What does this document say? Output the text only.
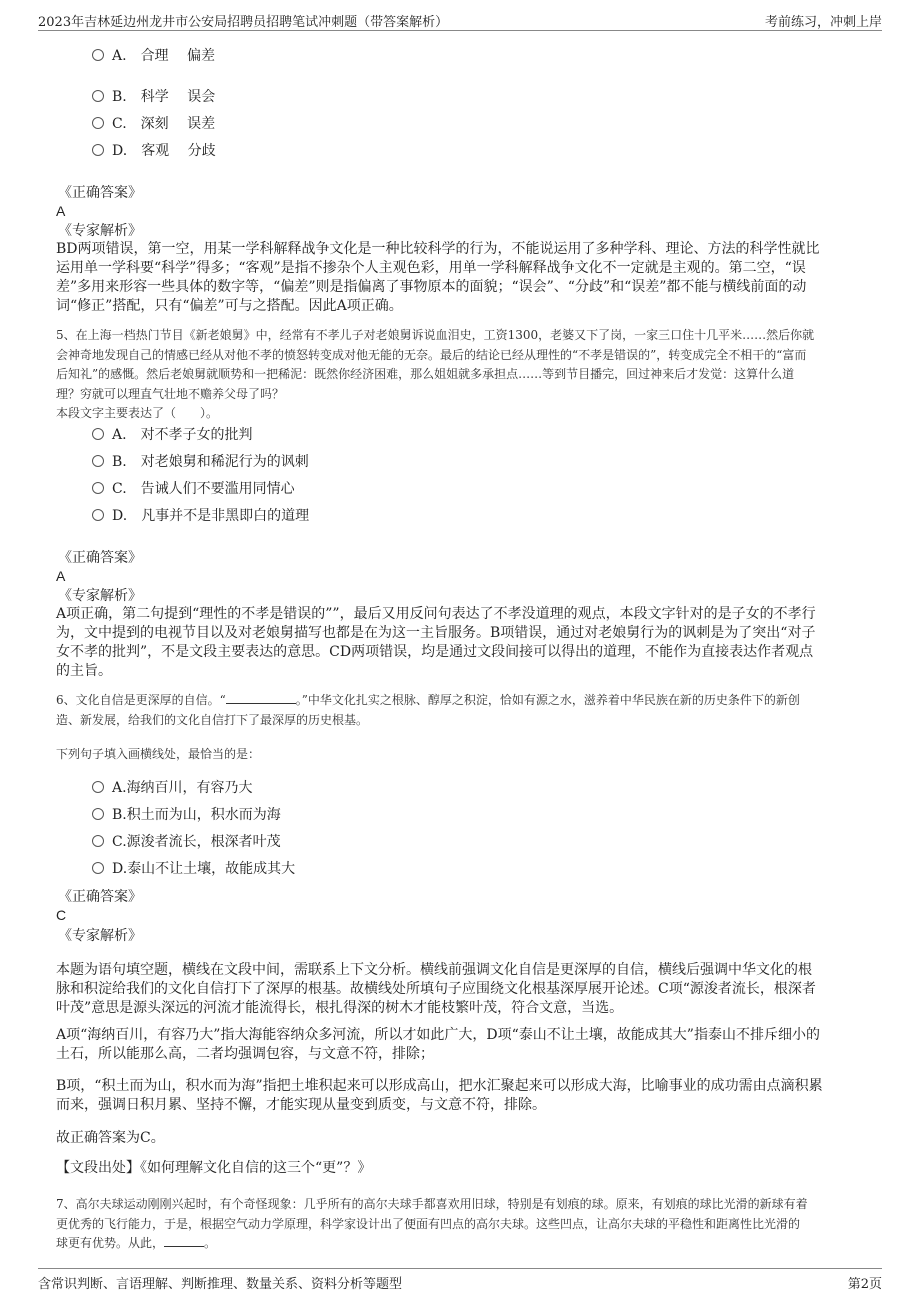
2023年吉林延边州龙井市公安局招聘员招聘笔试冲刺题（带答案解析）	考前练习，冲刺上岸
A.　 合理　 偏差
B.　 科学　 误会
C.　 深刻　 误差
D.　 客观　 分歧
《正确答案》
A
《专家解析》
BD两项错误，第一空，用某一学科解释战争文化是一种比较科学的行为，不能说运用了多种学科、理论、方法的科学性就比
运用单一学科要“科学”得多；“客观”是指不掺杂个人主观色彩，用单一学科解释战争文化不一定就是主观的。第二空，“误
差”多用来形容一些具体的数字等，“偏差”则是指偏离了事物原本的面貌；“误会”、“分歧”和“误差”都不能与横线前面的动
词“修正”搭配，只有“偏差”可与之搭配。因此A项正确。
5、在上海一档热门节目《新老娘舅》中，经常有不孝儿子对老娘舅诉说血泪史，工资1300，老婆又下了岗，一家三口住十几平米……然后你就
会神奇地发现自己的情感已经从对他不孝的愤怒转变成对他无能的无奈。最后的结论已经从理性的“不孝是错误的”，转变成完全不相干的“富而
后知礼”的感慨。然后老娘舅就顺势和一把稀泥：既然你经济困难，那么姐姐就多承担点……等到节目播完，回过神来后才发觉：这算什么道
理？穷就可以理直气壮地不赡养父母了吗？
本段文字主要表达了（　　）。
A.　 对不孝子女的批判
B.　 对老娘舅和稀泥行为的讽刺
C.　 告诫人们不要滥用同情心
D.　 凡事并不是非黑即白的道理
《正确答案》
A
《专家解析》
A项正确，第二句提到“理性的不孝是错误的””，最后又用反问句表达了不孝没道理的观点，本段文字针对的是子女的不孝行
为，文中提到的电视节目以及对老娘舅描写也都是在为这一主旨服务。B项错误，通过对老娘舅行为的讽刺是为了突出“对子
女不孝的批判”，不是文段主要表达的意思。CD两项错误，均是通过文段间接可以得出的道理，不能作为直接表达作者观点
的主旨。
6、文化自信是更深厚的自信。“	。”中华文化扎实之根脉、醇厚之积淀，恰如有源之水，滋养着中华民族在新的历史条件下的新创
造、新发展，给我们的文化自信打下了最深厚的历史根基。
下列句子填入画横线处，最恰当的是：
A.海纳百川，有容乃大
B.积土而为山，积水而为海
C.源浚者流长，根深者叶茂
D.泰山不让土壤，故能成其大
《正确答案》
C
《专家解析》
本题为语句填空题，横线在文段中间，需联系上下文分析。横线前强调文化自信是更深厚的自信，横线后强调中华文化的根
脉和积淀给我们的文化自信打下了深厚的根基。故横线处所填句子应围绕文化根基深厚展开论述。C项“源浚者流长，根深者
叶茂”意思是源头深远的河流才能流得长，根扎得深的树木才能枝繁叶茂，符合文意，当选。
A项“海纳百川，有容乃大”指大海能容纳众多河流，所以才如此广大，D项“泰山不让土壤，故能成其大”指泰山不排斥细小的
土石，所以能那么高，二者均强调包容，与文意不符，排除；
B项，“积土而为山，积水而为海”指把土堆积起来可以形成高山，把水汇聚起来可以形成大海，比喻事业的成功需由点滴积累
而来，强调日积月累、坚持不懈，才能实现从量变到质变，与文意不符，排除。
故正确答案为C。
【文段出处】《如何理解文化自信的这三个“更”？》
7、高尔夫球运动刚刚兴起时，有个奇怪现象：几乎所有的高尔夫球手都喜欢用旧球，特别是有划痕的球。原来，有划痕的球比光滑的新球有着
更优秀的飞行能力，于是，根据空气动力学原理，科学家设计出了便面有凹点的高尔夫球。这些凹点，让高尔夫球的平稳性和距离性比光滑的
球更有优势。从此，	。
含常识判断、言语理解、判断推理、数量关系、资料分析等题型	第2页
